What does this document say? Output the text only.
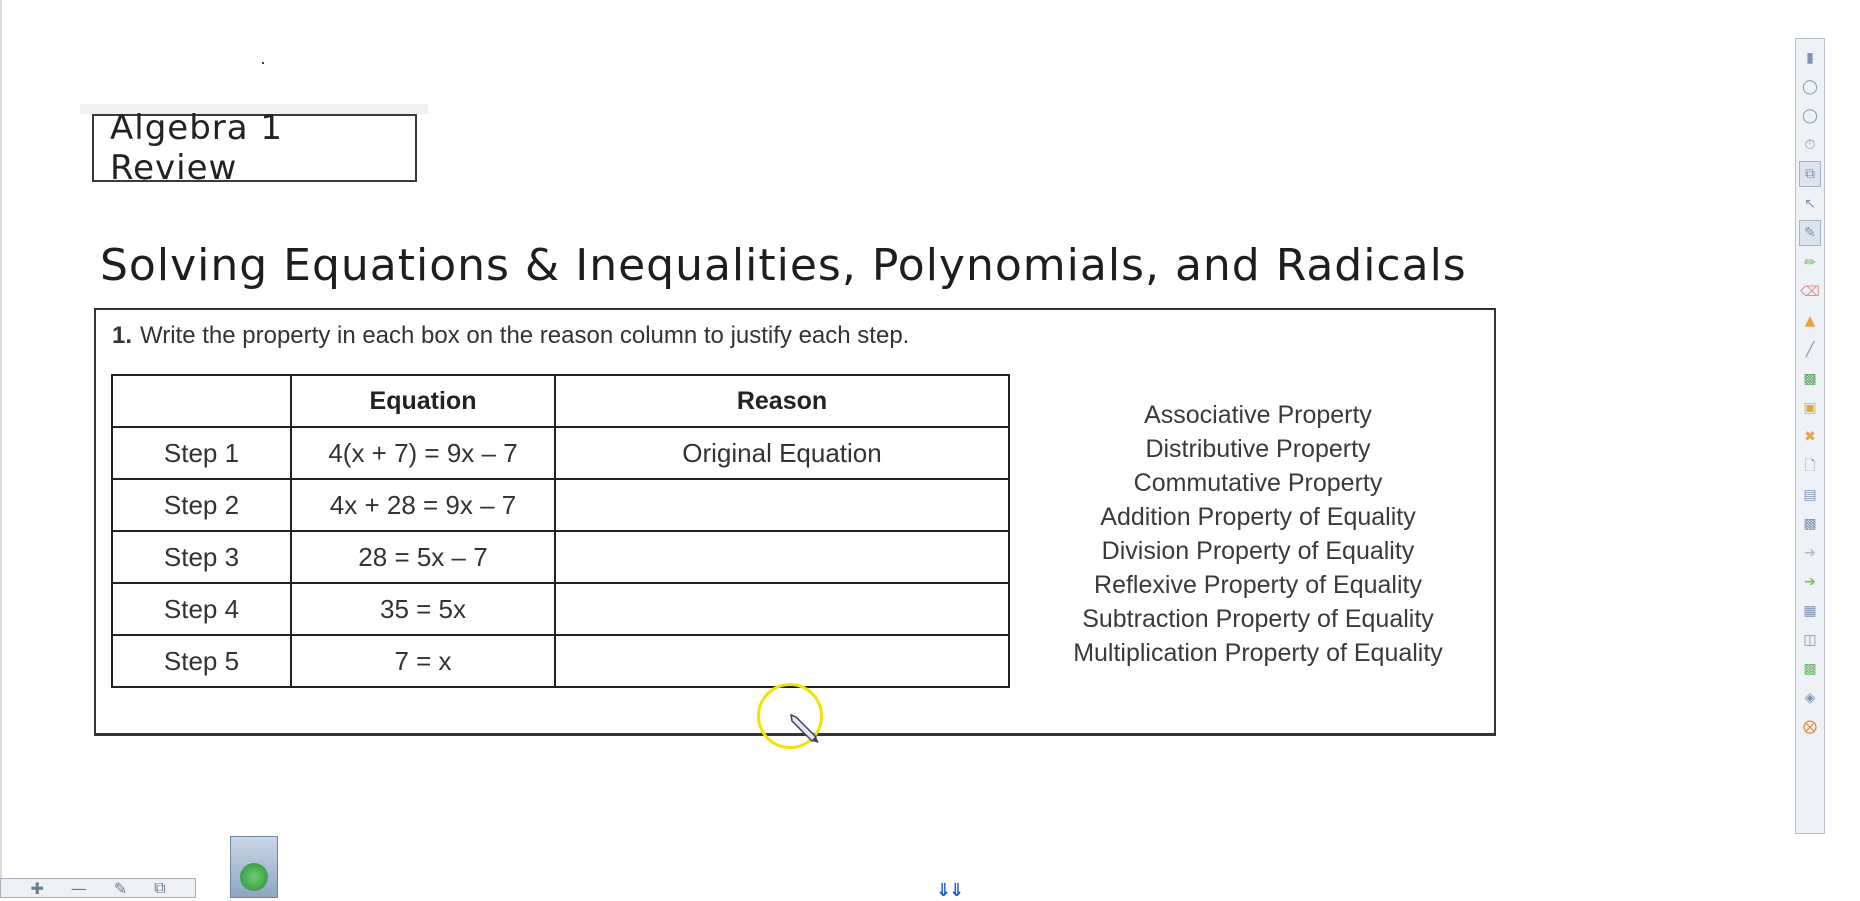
Algebra 1 Review
Solving Equations & Inequalities, Polynomials, and Radicals
1. Write the property in each box on the reason column to justify each step.
	Equation	Reason
Step 1	4(x + 7) = 9x – 7	Original Equation
Step 2	4x + 28 = 9x – 7	
Step 3	28 = 5x – 7	
Step 4	35 = 5x	
Step 5	7 = x	
Associative Property
Distributive Property
Commutative Property
Addition Property of Equality
Division Property of Equality
Reflexive Property of Equality
Subtraction Property of Equality
Multiplication Property of Equality
▮
◯
◯
⏱
⧉
↖
✎
✏
⌫
▲
╱
▩
▣
✖
🗋
▤
▩
➔
➔
▦
◫
▩
◈
⨂
✚ — ✎ ⧉	⇓⇓
